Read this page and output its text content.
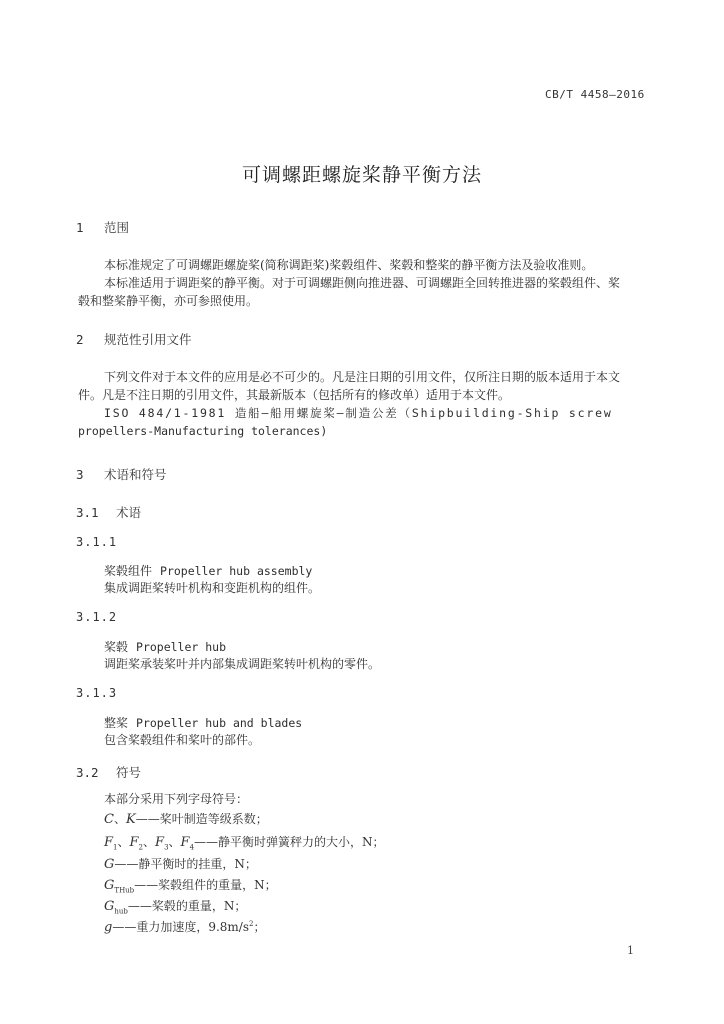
CB/T 4458—2016
可调螺距螺旋桨静平衡方法
1 范围
本标准规定了可调螺距螺旋桨(简称调距桨)桨毂组件、桨毂和整桨的静平衡方法及验收准则。
本标准适用于调距桨的静平衡。对于可调螺距侧向推进器、可调螺距全回转推进器的桨毂组件、桨
毂和整桨静平衡，亦可参照使用。
2 规范性引用文件
下列文件对于本文件的应用是必不可少的。凡是注日期的引用文件，仅所注日期的版本适用于本文
件。凡是不注日期的引用文件，其最新版本（包括所有的修改单）适用于本文件。
ISO 484/1-1981 造船—船用螺旋桨—制造公差（Shipbuilding-Ship screw
propellers-Manufacturing tolerances)
3 术语和符号
3.1 术语
3.1.1
桨毂组件 Propeller hub assembly
集成调距桨转叶机构和变距机构的组件。
3.1.2
桨毂 Propeller hub
调距桨承装桨叶并内部集成调距桨转叶机构的零件。
3.1.3
整桨 Propeller hub and blades
包含桨毂组件和桨叶的部件。
3.2 符号
本部分采用下列字母符号：
C、K——桨叶制造等级系数；
$F_1$、$F_2$、$F_3$、$F_4——$静平衡时弹簧秤力的大小，N；
G——静平衡时的挂重，N；
$G_{THub}——$桨毂组件的重量，N；
$G_{hub}——$桨毂的重量，N；
g——重力加速度，$9.8m/s^2$；
1
